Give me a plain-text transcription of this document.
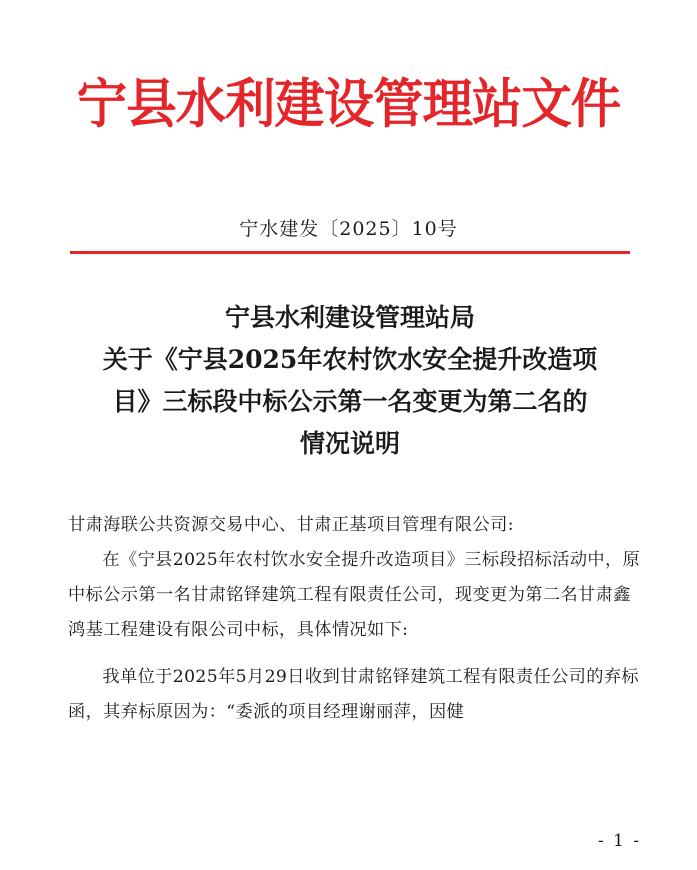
宁县水利建设管理站文件
宁水建发〔2025〕10号
宁县水利建设管理站局
关于《宁县2025年农村饮水安全提升改造项
目》三标段中标公示第一名变更为第二名的
情况说明

甘肃海联公共资源交易中心、甘肃正基项目管理有限公司:

在《宁县2025年农村饮水安全提升改造项目》三标段招标活动中，原中标公示第一名甘肃铭铎建筑工程有限责任公司，现变更为第二名甘肃鑫鸿基工程建设有限公司中标，具体情况如下:

我单位于2025年5月29日收到甘肃铭铎建筑工程有限责任公司的弃标函，其弃标原因为：“委派的项目经理谢丽萍，因健

- 1 -
